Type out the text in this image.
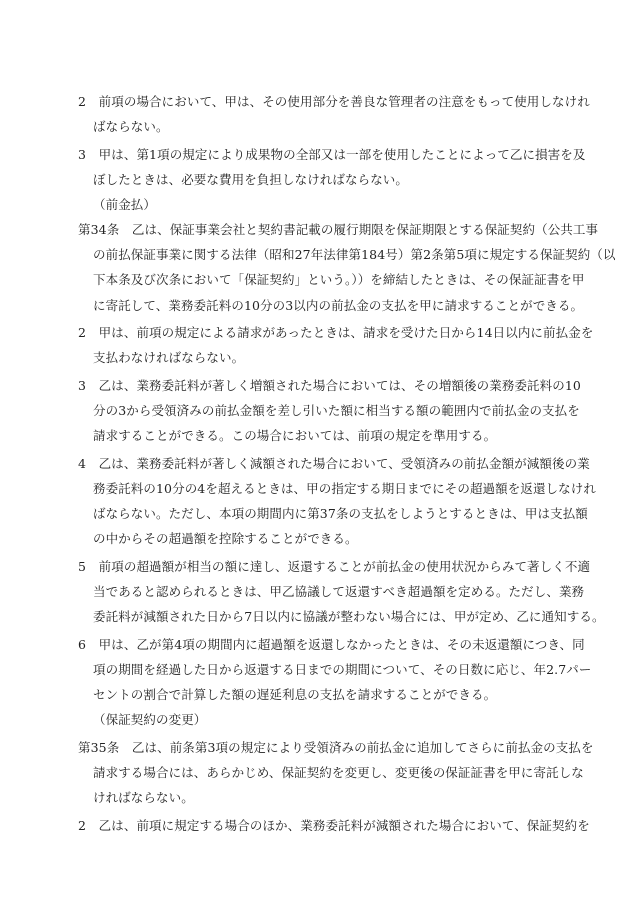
2　前項の場合において、甲は、その使用部分を善良な管理者の注意をもって使用しなけれ
ばならない。
3　甲は、第1項の規定により成果物の全部又は一部を使用したことによって乙に損害を及
ぼしたときは、必要な費用を負担しなければならない。
（前金払）
第34条　乙は、保証事業会社と契約書記載の履行期限を保証期限とする保証契約（公共工事
の前払保証事業に関する法律（昭和27年法律第184号）第2条第5項に規定する保証契約（以
下本条及び次条において「保証契約」という。））を締結したときは、その保証証書を甲
に寄託して、業務委託料の10分の3以内の前払金の支払を甲に請求することができる。
2　甲は、前項の規定による請求があったときは、請求を受けた日から14日以内に前払金を
支払わなければならない。
3　乙は、業務委託料が著しく増額された場合においては、その増額後の業務委託料の10
分の3から受領済みの前払金額を差し引いた額に相当する額の範囲内で前払金の支払を
請求することができる。この場合においては、前項の規定を準用する。
4　乙は、業務委託料が著しく減額された場合において、受領済みの前払金額が減額後の業
務委託料の10分の4を超えるときは、甲の指定する期日までにその超過額を返還しなけれ
ばならない。ただし、本項の期間内に第37条の支払をしようとするときは、甲は支払額
の中からその超過額を控除することができる。
5　前項の超過額が相当の額に達し、返還することが前払金の使用状況からみて著しく不適
当であると認められるときは、甲乙協議して返還すべき超過額を定める。ただし、業務
委託料が減額された日から7日以内に協議が整わない場合には、甲が定め、乙に通知する。
6　甲は、乙が第4項の期間内に超過額を返還しなかったときは、その未返還額につき、同
項の期間を経過した日から返還する日までの期間について、その日数に応じ、年2.7パー
セントの割合で計算した額の遅延利息の支払を請求することができる。
（保証契約の変更）
第35条　乙は、前条第3項の規定により受領済みの前払金に追加してさらに前払金の支払を
請求する場合には、あらかじめ、保証契約を変更し、変更後の保証証書を甲に寄託しな
ければならない。
2　乙は、前項に規定する場合のほか、業務委託料が減額された場合において、保証契約を
